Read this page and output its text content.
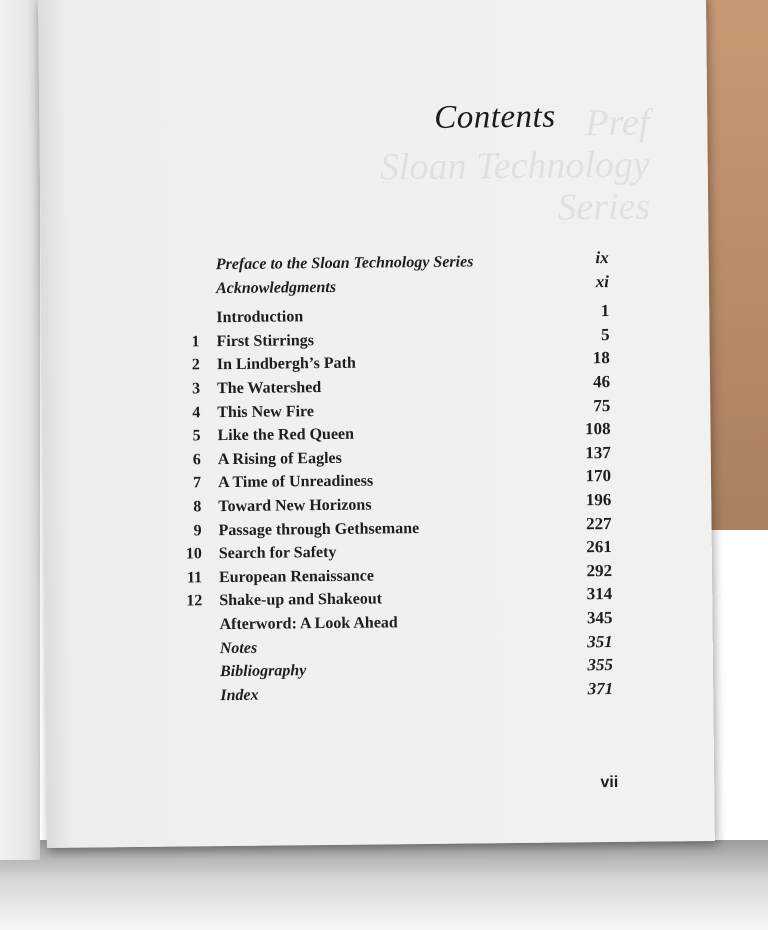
Pref
Sloan Technology
Series
Contents
Preface to the Sloan Technology Series	ix
Acknowledgments	xi
Introduction	1
1 First Stirrings	5
2 In Lindbergh’s Path	18
3 The Watershed	46
4 This New Fire	75
5 Like the Red Queen	108
6 A Rising of Eagles	137
7 A Time of Unreadiness	170
8 Toward New Horizons	196
9 Passage through Gethsemane	227
10 Search for Safety	261
11 European Renaissance	292
12 Shake-up and Shakeout	314
Afterword: A Look Ahead	345
Notes	351
Bibliography	355
Index	371
vii
